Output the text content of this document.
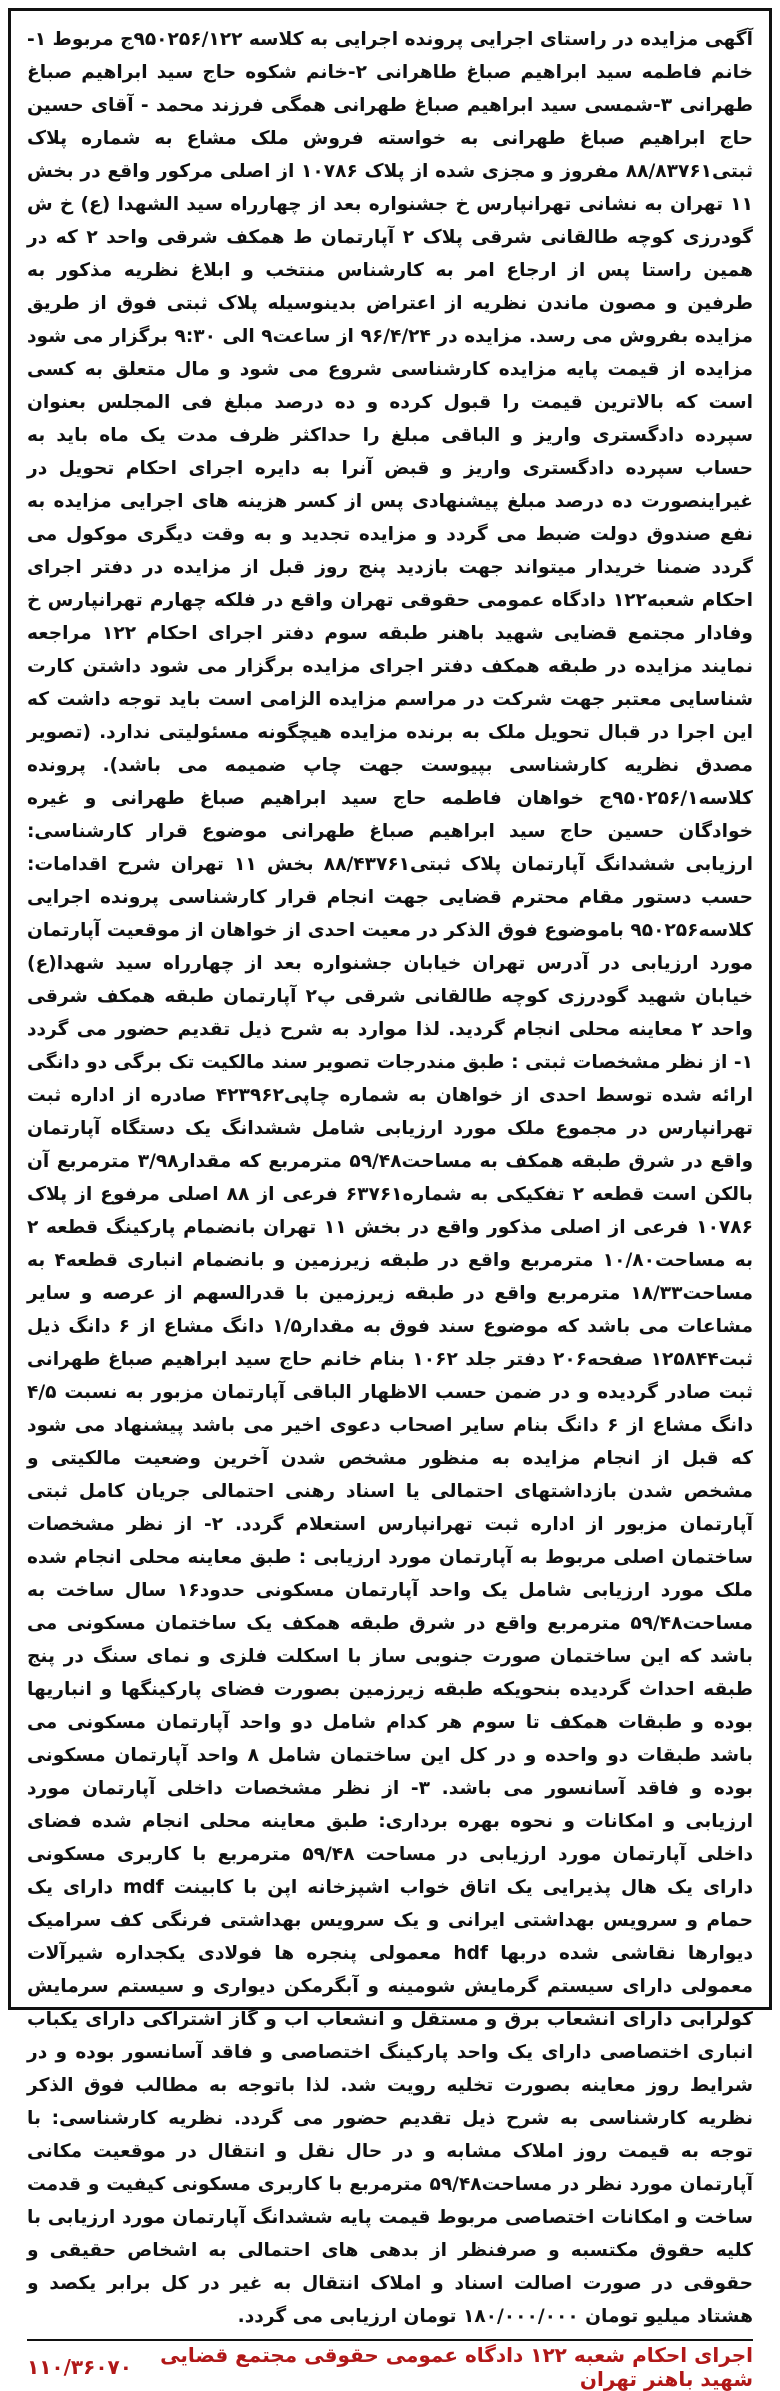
آگهی مزایده در راستای اجرایی پرونده اجرایی به کلاسه ۹۵۰۲۵۶/۱۲۲ج مربوط ۱-خانم فاطمه سید ابراهیم صباغ طاهرانی ۲-خانم شکوه حاج سید ابراهیم صباغ طهرانی ۳-شمسی سید ابراهیم صباغ طهرانی همگی فرزند محمد - آقای حسین حاج ابراهیم صباغ طهرانی به خواسته فروش ملک مشاع به شماره پلاک ثبتی۸۸/۸۳۷۶۱ مفروز و مجزی شده از پلاک ۱۰۷۸۶ از اصلی مرکور واقع در بخش ۱۱ تهران به نشانی تهرانپارس خ جشنواره بعد از چهارراه سید الشهدا (ع) خ ش گودرزی کوچه طالقانی شرقی پلاک ۲ آپارتمان ط همکف شرقی واحد ۲ که در همین راستا پس از ارجاع امر به کارشناس منتخب و ابلاغ نظریه مذکور به طرفین و مصون ماندن نظریه از اعتراض بدینوسیله پلاک ثبتی فوق از طریق مزایده بفروش می رسد. مزایده در ۹۶/۴/۲۴ از ساعت۹ الی ۹:۳۰ برگزار می شود مزایده از قیمت پایه مزایده کارشناسی شروع می شود و مال متعلق به کسی است که بالاترین قیمت را قبول کرده و ده درصد مبلغ فی المجلس بعنوان سپرده دادگستری واریز و الباقی مبلغ را حداکثر ظرف مدت یک ماه باید به حساب سپرده دادگستری واریز و قبض آنرا به دایره اجرای احکام تحویل در غیراینصورت ده درصد مبلغ پیشنهادی پس از کسر هزینه های اجرایی مزایده به نفع صندوق دولت ضبط می گردد و مزایده تجدید و به وقت دیگری موکول می گردد ضمنا خریدار میتواند جهت بازدید پنج روز قبل از مزایده در دفتر اجرای احکام شعبه۱۲۲ دادگاه عمومی حقوقی تهران واقع در فلکه چهارم تهرانپارس خ وفادار مجتمع قضایی شهید باهنر طبقه سوم دفتر اجرای احکام ۱۲۲ مراجعه نمایند مزایده در طبقه همکف دفتر اجرای مزایده برگزار می شود داشتن کارت شناسایی معتبر جهت شرکت در مراسم مزایده الزامی است باید توجه داشت که این اجرا در قبال تحویل ملک به برنده مزایده هیچگونه مسئولیتی ندارد. (تصویر مصدق نظریه کارشناسی بپیوست جهت چاپ ضمیمه می باشد). پرونده کلاسه۹۵۰۲۵۶/۱ج خواهان فاطمه حاج سید ابراهیم صباغ طهرانی و غیره خوادگان حسین حاج سید ابراهیم صباغ طهرانی موضوع قرار کارشناسی: ارزیابی ششدانگ آپارتمان پلاک ثبتی۸۸/۴۳۷۶۱ بخش ۱۱ تهران شرح اقدامات: حسب دستور مقام محترم قضایی جهت انجام قرار کارشناسی پرونده اجرایی کلاسه۹۵۰۲۵۶ باموضوع فوق الذکر در معیت احدی از خواهان از موقعیت آپارتمان مورد ارزیابی در آدرس تهران خیابان جشنواره بعد از چهارراه سید شهدا(ع) خیابان شهید گودرزی کوچه طالقانی شرقی پ۲ آپارتمان طبقه همکف شرقی واحد ۲ معاینه محلی انجام گردید. لذا موارد به شرح ذیل تقدیم حضور می گردد ۱- از نظر مشخصات ثبتی : طبق مندرجات تصویر سند مالکیت تک برگی دو دانگی ارائه شده توسط احدی از خواهان به شماره چاپی۴۲۳۹۶۲ صادره از اداره ثبت تهرانپارس در مجموع ملک مورد ارزیابی شامل ششدانگ یک دستگاه آپارتمان واقع در شرق طبقه همکف به مساحت۵۹/۴۸ مترمربع که مقدار۳/۹۸ مترمربع آن بالکن است قطعه ۲ تفکیکی به شماره۶۳۷۶۱ فرعی از ۸۸ اصلی مرفوع از پلاک ۱۰۷۸۶ فرعی از اصلی مذکور واقع در بخش ۱۱ تهران بانضمام پارکینگ قطعه ۲ به مساحت۱۰/۸۰ مترمربع واقع در طبقه زیرزمین و بانضمام انباری قطعه۴ به مساحت۱۸/۳۳ مترمربع واقع در طبقه زیرزمین با قدرالسهم از عرصه و سایر مشاعات می باشد که موضوع سند فوق به مقدار۱/۵ دانگ مشاع از ۶ دانگ ذیل ثبت۱۲۵۸۴۴ صفحه۲۰۶ دفتر جلد ۱۰۶۲ بنام خانم حاج سید ابراهیم صباغ طهرانی ثبت صادر گردیده و در ضمن حسب الاظهار الباقی آپارتمان مزبور به نسبت ۴/۵ دانگ مشاع از ۶ دانگ بنام سایر اصحاب دعوی اخیر می باشد پیشنهاد می شود که قبل از انجام مزایده به منظور مشخص شدن آخرین وضعیت مالکیتی و مشخص شدن بازداشتهای احتمالی یا اسناد رهنی احتمالی جریان کامل ثبتی آپارتمان مزبور از اداره ثبت تهرانپارس استعلام گردد. ۲- از نظر مشخصات ساختمان اصلی مربوط به آپارتمان مورد ارزیابی : طبق معاینه محلی انجام شده ملک مورد ارزیابی شامل یک واحد آپارتمان مسکونی حدود۱۶ سال ساخت به مساحت۵۹/۴۸ مترمربع واقع در شرق طبقه همکف یک ساختمان مسکونی می باشد که این ساختمان صورت جنوبی ساز با اسکلت فلزی و نمای سنگ در پنج طبقه احداث گردیده بنحویکه طبقه زیرزمین بصورت فضای پارکینگها و انباریها بوده و طبقات همکف تا سوم هر کدام شامل دو واحد آپارتمان مسکونی می باشد طبقات دو واحده و در کل این ساختمان شامل ۸ واحد آپارتمان مسکونی بوده و فاقد آسانسور می باشد. ۳- از نظر مشخصات داخلی آپارتمان مورد ارزیابی و امکانات و نحوه بهره برداری: طبق معاینه محلی انجام شده فضای داخلی آپارتمان مورد ارزیابی در مساحت ۵۹/۴۸ مترمربع با کاربری مسکونی دارای یک هال پذیرایی یک اتاق خواب اشپزخانه اپن با کابینت mdf دارای یک حمام و سرویس بهداشتی ایرانی و یک سرویس بهداشتی فرنگی کف سرامیک دیوارها نقاشی شده دربها hdf معمولی پنجره ها فولادی یکجداره شیرآلات معمولی دارای سیستم گرمایش شومینه و آبگرمکن دیواری و سیستم سرمایش کولرابی دارای انشعاب برق و مستقل و انشعاب اب و گاز اشتراکی دارای یکباب انباری اختصاصی دارای یک واحد پارکینگ اختصاصی و فاقد آسانسور بوده و در شرایط روز معاینه بصورت تخلیه رویت شد. لذا باتوجه به مطالب فوق الذکر نظریه کارشناسی به شرح ذیل تقدیم حضور می گردد. نظریه کارشناسی: با توجه به قیمت روز املاک مشابه و در حال نقل و انتقال در موقعیت مکانی آپارتمان مورد نظر در مساحت۵۹/۴۸ مترمربع با کاربری مسکونی کیفیت و قدمت ساخت و امکانات اختصاصی مربوط قیمت پایه ششدانگ آپارتمان مورد ارزیابی با کلیه حقوق مکتسبه و صرفنظر از بدهی های احتمالی به اشخاص حقیقی و حقوقی در صورت اصالت اسناد و املاک انتقال به غیر در کل برابر یکصد و هشتاد میلیو تومان ۱۸۰/۰۰۰/۰۰۰ تومان ارزیابی می گردد.
اجرای احکام شعبه ۱۲۲ دادگاه عمومی حقوقی مجتمع قضایی شهید باهنر تهران
۱۱۰/۳۶۰۷۰
